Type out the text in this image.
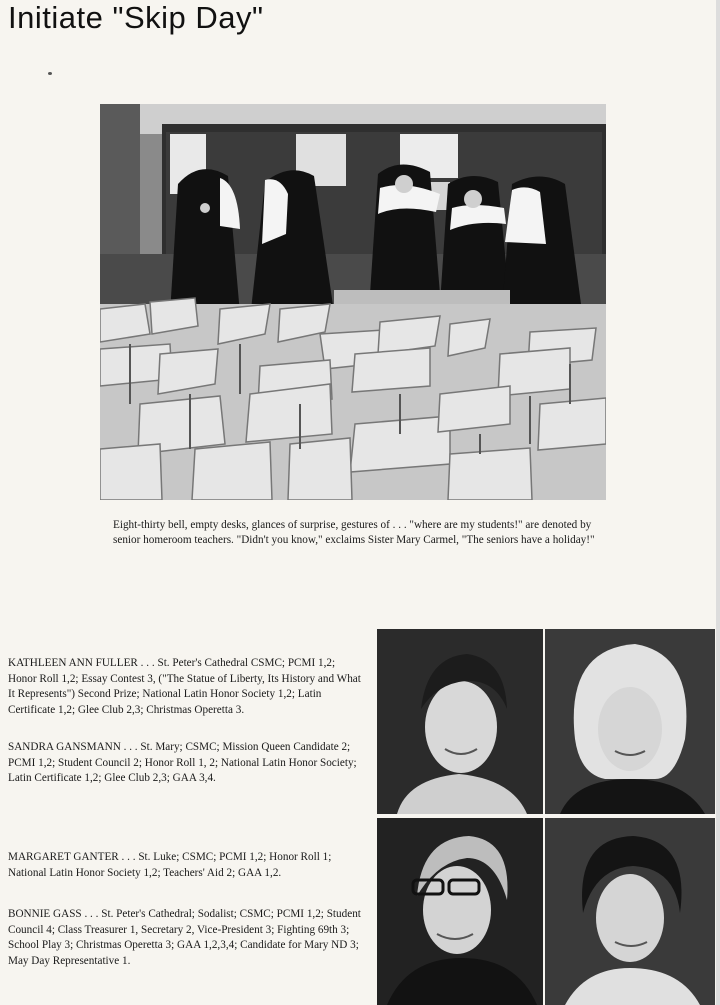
Initiate "Skip Day"
Eight-thirty bell, empty desks, glances of surprise, gestures of . . . "where are my students!" are denoted by senior homeroom teachers. "Didn't you know," exclaims Sister Mary Carmel, "The seniors have a holiday!"
KATHLEEN ANN FULLER . . . St. Peter's Cathedral CSMC; PCMI 1,2; Honor Roll 1,2; Essay Contest 3, ("The Statue of Liberty, Its History and What It Represents") Second Prize; National Latin Honor Society 1,2; Latin Certificate 1,2; Glee Club 2,3; Christmas Operetta 3.
SANDRA GANSMANN . . . St. Mary; CSMC; Mission Queen Candidate 2; PCMI 1,2; Student Council 2; Honor Roll 1, 2; National Latin Honor Society; Latin Certificate 1,2; Glee Club 2,3; GAA 3,4.
MARGARET GANTER . . . St. Luke; CSMC; PCMI 1,2; Honor Roll 1; National Latin Honor Society 1,2; Teachers' Aid 2; GAA 1,2.
BONNIE GASS . . . St. Peter's Cathedral; Sodalist; CSMC; PCMI 1,2; Student Council 4; Class Treasurer 1, Secretary 2, Vice-President 3; Fighting 69th 3; School Play 3; Christmas Operetta 3; GAA 1,2,3,4; Candidate for Mary ND 3; May Day Representative 1.
